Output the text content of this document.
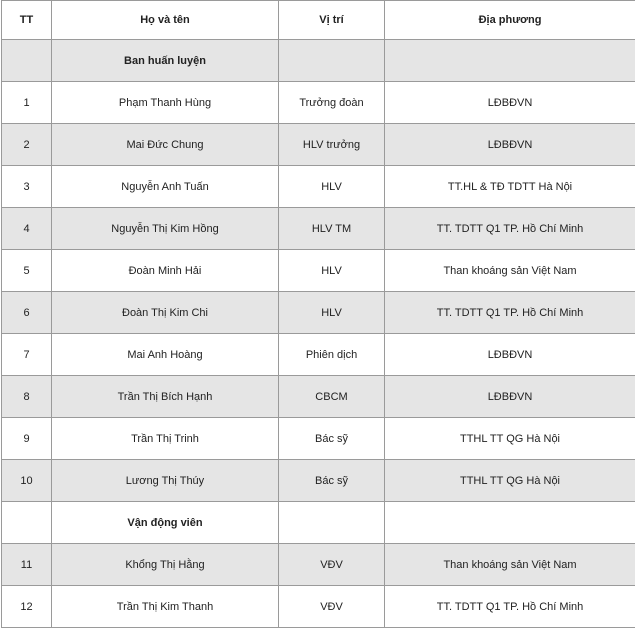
TT	Họ và tên	Vị trí	Địa phương
	Ban huấn luyện		
1	Phạm Thanh Hùng	Trưởng đoàn	LĐBĐVN
2	Mai Đức Chung	HLV trưởng	LĐBĐVN
3	Nguyễn Anh Tuấn	HLV	TT.HL & TĐ TDTT Hà Nội
4	Nguyễn Thị Kim Hồng	HLV TM	TT. TDTT Q1 TP. Hồ Chí Minh
5	Đoàn Minh Hải	HLV	Than khoáng sản Việt Nam
6	Đoàn Thị Kim Chi	HLV	TT. TDTT Q1 TP. Hồ Chí Minh
7	Mai Anh Hoàng	Phiên dịch	LĐBĐVN
8	Trần Thị Bích Hạnh	CBCM	LĐBĐVN
9	Trần Thị Trinh	Bác sỹ	TTHL TT QG Hà Nội
10	Lương Thị Thúy	Bác sỹ	TTHL TT QG Hà Nội
	Vận động viên		
11	Khổng Thị Hằng	VĐV	Than khoáng sản Việt Nam
12	Trần Thị Kim Thanh	VĐV	TT. TDTT Q1 TP. Hồ Chí Minh
